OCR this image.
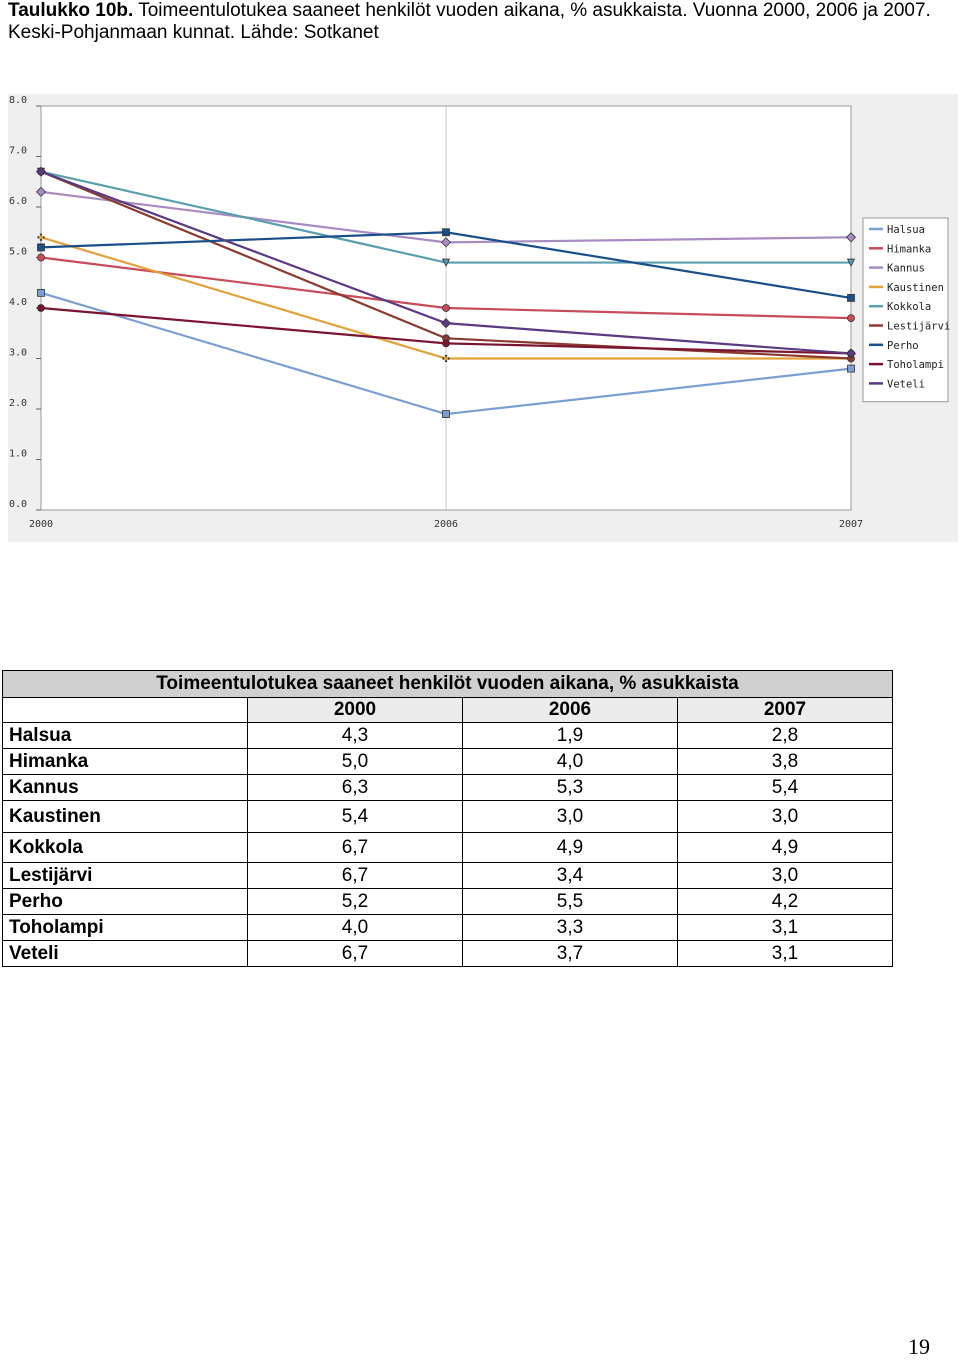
Taulukko 10b. Toimeentulotukea saaneet henkilöt vuoden aikana, % asukkaista. Vuonna 2000, 2006 ja 2007. Keski-Pohjanmaan kunnat. Lähde: Sotkanet

0.0
1.0
2.0
3.0
4.0
5.0
6.0
7.0
8.0
2000	2006	2007
Halsua
Himanka
Kannus
Kaustinen
Kokkola
Lestijärvi
Perho
Toholampi
Veteli
Toimeentulotukea saaneet henkilöt vuoden aikana, % asukkaista			
	2000	2006	2007
Halsua	4,3	1,9	2,8
Himanka	5,0	4,0	3,8
Kannus	6,3	5,3	5,4
Kaustinen	5,4	3,0	3,0
Kokkola	6,7	4,9	4,9
Lestijärvi	6,7	3,4	3,0
Perho	5,2	5,5	4,2
Toholampi	4,0	3,3	3,1
Veteli	6,7	3,7	3,1
19
